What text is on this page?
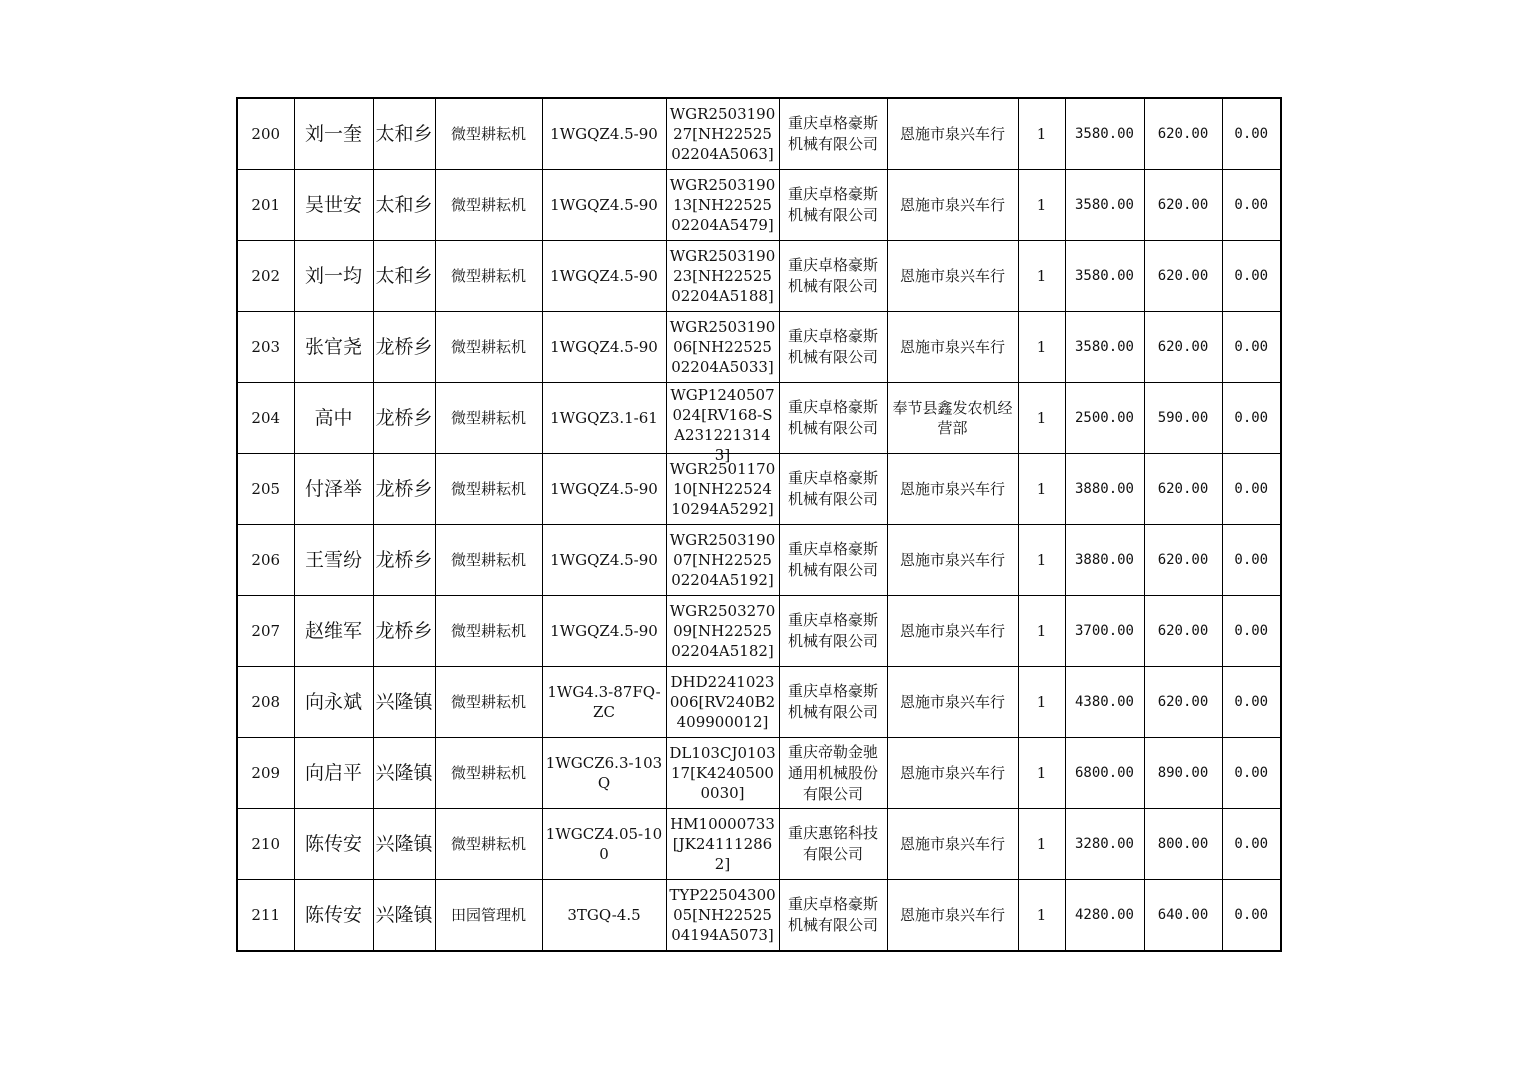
200	刘一奎	太和乡	微型耕耘机	1WGQZ4.5-90	WGR250319027[NH2252502204A5063]	重庆卓格豪斯机械有限公司	恩施市泉兴车行	1	3580.00	620.00	0.00
201	吴世安	太和乡	微型耕耘机	1WGQZ4.5-90	WGR250319013[NH2252502204A5479]	重庆卓格豪斯机械有限公司	恩施市泉兴车行	1	3580.00	620.00	0.00
202	刘一均	太和乡	微型耕耘机	1WGQZ4.5-90	WGR250319023[NH2252502204A5188]	重庆卓格豪斯机械有限公司	恩施市泉兴车行	1	3580.00	620.00	0.00
203	张官尧	龙桥乡	微型耕耘机	1WGQZ4.5-90	WGR250319006[NH2252502204A5033]	重庆卓格豪斯机械有限公司	恩施市泉兴车行	1	3580.00	620.00	0.00
204	高中	龙桥乡	微型耕耘机	1WGQZ3.1-61	WGP1240507024[RV168-SA2312213143]	重庆卓格豪斯机械有限公司	奉节县鑫发农机经营部	1	2500.00	590.00	0.00
205	付泽举	龙桥乡	微型耕耘机	1WGQZ4.5-90	WGR250117010[NH2252410294A5292]	重庆卓格豪斯机械有限公司	恩施市泉兴车行	1	3880.00	620.00	0.00
206	王雪纷	龙桥乡	微型耕耘机	1WGQZ4.5-90	WGR250319007[NH2252502204A5192]	重庆卓格豪斯机械有限公司	恩施市泉兴车行	1	3880.00	620.00	0.00
207	赵维军	龙桥乡	微型耕耘机	1WGQZ4.5-90	WGR250327009[NH2252502204A5182]	重庆卓格豪斯机械有限公司	恩施市泉兴车行	1	3700.00	620.00	0.00
208	向永斌	兴隆镇	微型耕耘机	1WG4.3-87FQ-ZC	DHD2241023006[RV240B2409900012]	重庆卓格豪斯机械有限公司	恩施市泉兴车行	1	4380.00	620.00	0.00
209	向启平	兴隆镇	微型耕耘机	1WGCZ6.3-103Q	DL103CJ010317[K42405000030]	重庆帝勒金驰通用机械股份有限公司	恩施市泉兴车行	1	6800.00	890.00	0.00
210	陈传安	兴隆镇	微型耕耘机	1WGCZ4.05-100	HM10000733[JK241112862]	重庆惠铭科技有限公司	恩施市泉兴车行	1	3280.00	800.00	0.00
211	陈传安	兴隆镇	田园管理机	3TGQ-4.5	TYP2250430005[NH2252504194A5073]	重庆卓格豪斯机械有限公司	恩施市泉兴车行	1	4280.00	640.00	0.00
